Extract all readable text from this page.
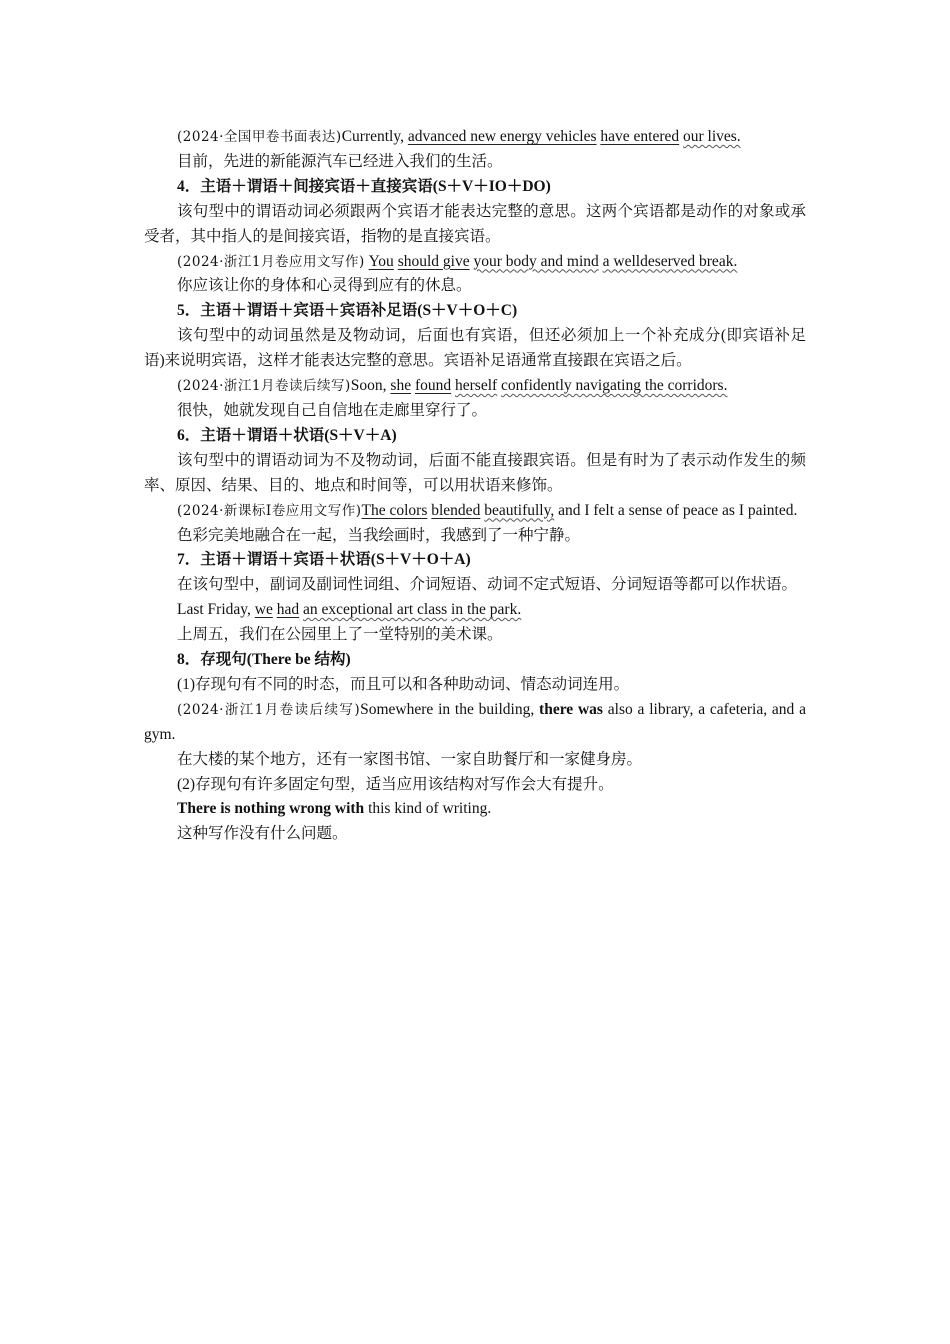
(2024·全国甲卷书面表达)Currently, advanced new energy vehicles have entered our lives.

目前，先进的新能源汽车已经进入我们的生活。

4．主语＋谓语＋间接宾语＋直接宾语(S＋V＋IO＋DO)

该句型中的谓语动词必须跟两个宾语才能表达完整的意思。这两个宾语都是动作的对象或承受者，其中指人的是间接宾语，指物的是直接宾语。

(2024·浙江1月卷应用文写作) You should give your body and mind a welldeserved break.

你应该让你的身体和心灵得到应有的休息。

5．主语＋谓语＋宾语＋宾语补足语(S＋V＋O＋C)

该句型中的动词虽然是及物动词，后面也有宾语，但还必须加上一个补充成分(即宾语补足语)来说明宾语，这样才能表达完整的意思。宾语补足语通常直接跟在宾语之后。

(2024·浙江1月卷读后续写)Soon, she found herself confidently navigating the corridors.

很快，她就发现自己自信地在走廊里穿行了。

6．主语＋谓语＋状语(S＋V＋A)

该句型中的谓语动词为不及物动词，后面不能直接跟宾语。但是有时为了表示动作发生的频率、原因、结果、目的、地点和时间等，可以用状语来修饰。

(2024·新课标Ⅰ卷应用文写作)The colors blended beautifully, and I felt a sense of peace as I painted.

色彩完美地融合在一起，当我绘画时，我感到了一种宁静。

7．主语＋谓语＋宾语＋状语(S＋V＋O＋A)

在该句型中，副词及副词性词组、介词短语、动词不定式短语、分词短语等都可以作状语。

Last Friday, we had an exceptional art class in the park.

上周五，我们在公园里上了一堂特别的美术课。

8．存现句(There be 结构)

(1)存现句有不同的时态，而且可以和各种助动词、情态动词连用。

(2024·浙江1月卷读后续写)Somewhere in the building, there was also a library, a cafeteria, and a gym.

在大楼的某个地方，还有一家图书馆、一家自助餐厅和一家健身房。

(2)存现句有许多固定句型，适当应用该结构对写作会大有提升。

There is nothing wrong with this kind of writing.

这种写作没有什么问题。
